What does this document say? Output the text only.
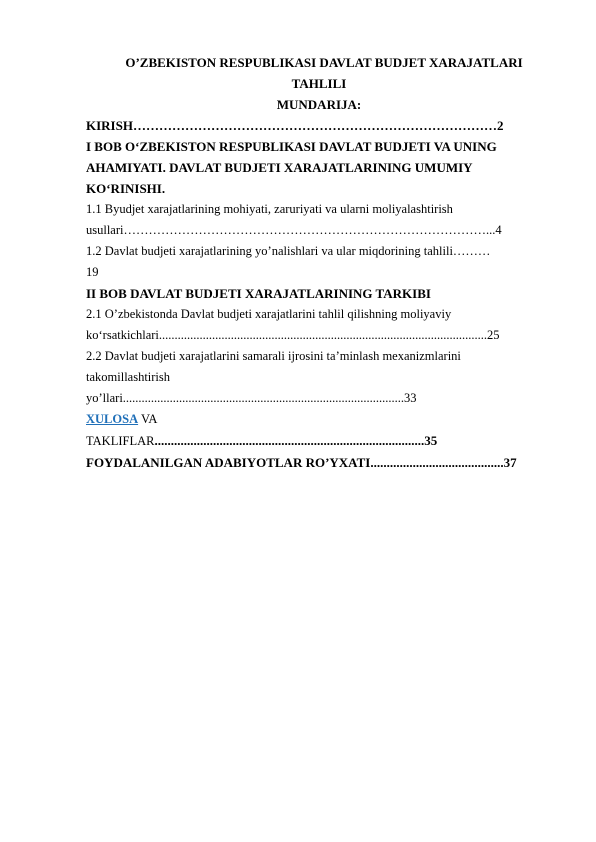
O’ZBEKISTON RESPUBLIKASI DAVLAT BUDJET XARAJATLARI
TAHLILI
MUNDARIJA:
KIRISH…………………………………………………………………………2
I BOB O‘ZBEKISTON RESPUBLIKASI DAVLAT BUDJETI VA UNING
AHAMIYATI. DAVLAT BUDJETI XARAJATLARINING UMUMIY
KO‘RINISHI.
1.1 Byudjet xarajatlarining mohiyati, zaruriyati va ularni moliyalashtirish
usullari……………………………………………………………………………...4
1.2 Davlat budjeti xarajatlarining yo’nalishlari va ular miqdorining tahlili………
19
II BOB DAVLAT BUDJETI XARAJATLARINING TARKIBI
2.1 O’zbekistonda Davlat budjeti xarajatlarini tahlil qilishning moliyaviy
ko‘rsatkichlari.........................................................................................................25
2.2 Davlat budjeti xarajatlarini samarali ijrosini ta’minlash mexanizmlarini
takomillashtirish
yo’llari..........................................................................................33
XULOSA VA
TAKLIFLAR...................................................................................35
FOYDALANILGAN ADABIYOTLAR RO’YXATI.........................................37
